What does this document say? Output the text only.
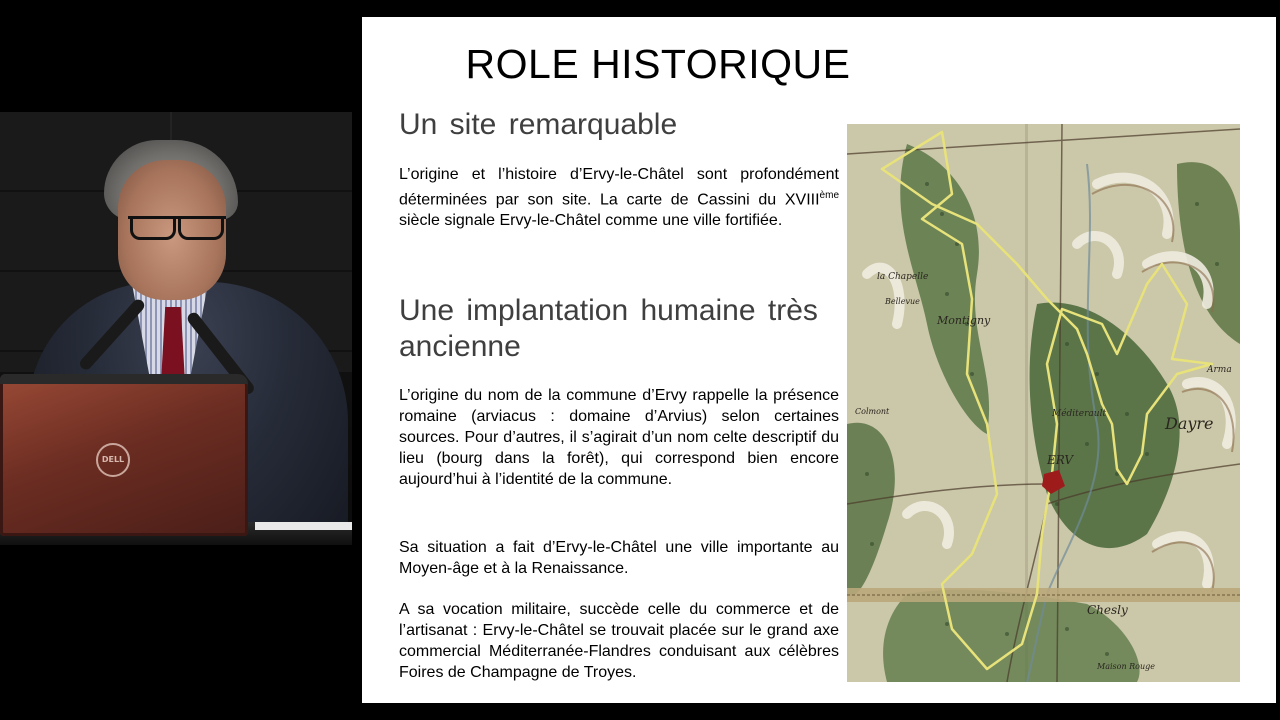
DELL
ROLE HISTORIQUE
Un site remarquable
L’origine et l’histoire d’Ervy-le-Châtel sont profondément déterminées par son site. La carte de Cassini du XVIIIème siècle signale Ervy-le-Châtel comme une ville fortifiée.
Une implantation humaine très ancienne
L’origine du nom de la commune d’Ervy rappelle la présence romaine (arviacus : domaine d’Arvius) selon certaines sources. Pour d’autres, il s’agirait d’un nom celte descriptif du lieu (bourg dans la forêt), qui correspond bien encore aujourd’hui à l’identité de la commune.
Sa situation a fait d’Ervy-le-Châtel une ville importante au Moyen-âge et à la Renaissance.
A sa vocation militaire, succède celle du commerce et de l’artisanat : Ervy-le-Châtel se trouvait placée sur le grand axe commercial Méditerranée-Flandres conduisant aux célèbres Foires de Champagne de Troyes.
Montigny
ERV
Dayre
Chesly
Méditerault
la Chapelle
Bellevue
Colmont
Maison Rouge
Arma
